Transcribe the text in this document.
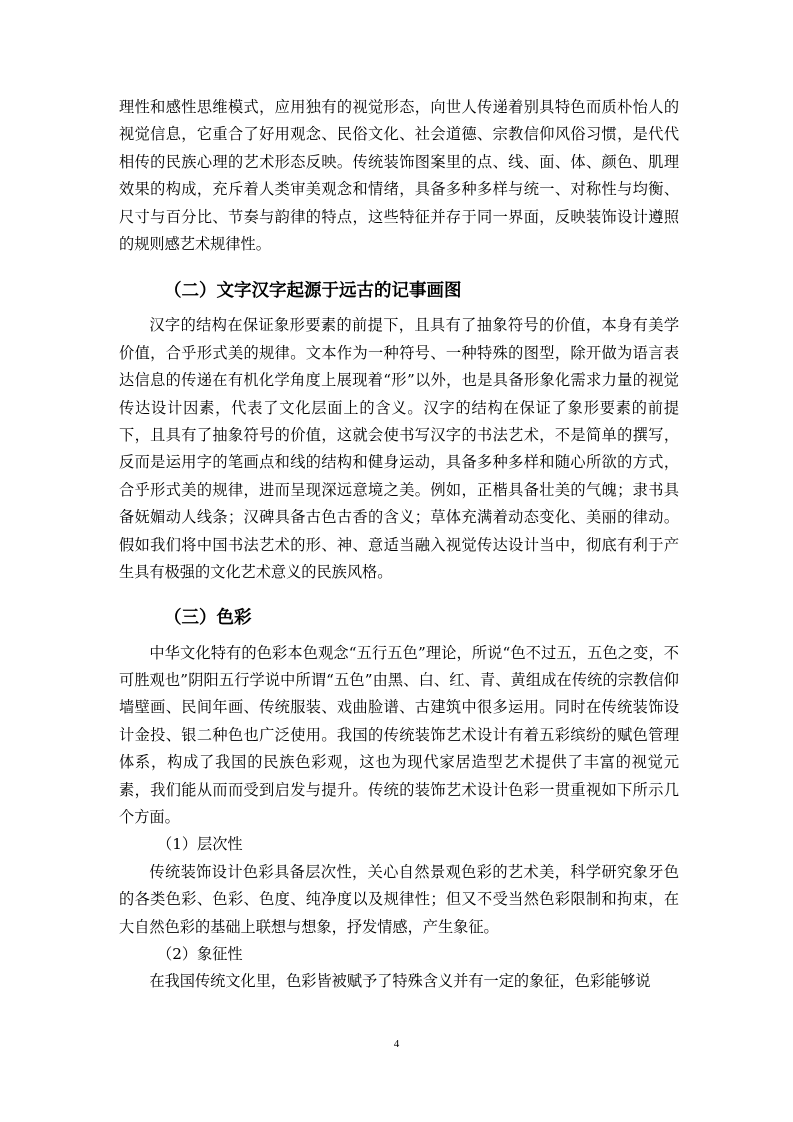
理性和感性思维模式，应用独有的视觉形态，向世人传递着别具特色而质朴怡人的视觉信息，它重合了好用观念、民俗文化、社会道德、宗教信仰风俗习惯，是代代相传的民族心理的艺术形态反映。传统装饰图案里的点、线、面、体、颜色、肌理效果的构成，充斥着人类审美观念和情绪，具备多种多样与统一、对称性与均衡、尺寸与百分比、节奏与韵律的特点，这些特征并存于同一界面，反映装饰设计遵照的规则感艺术规律性。

（二）文字汉字起源于远古的记事画图

汉字的结构在保证象形要素的前提下，且具有了抽象符号的价值，本身有美学价值，合乎形式美的规律。文本作为一种符号、一种特殊的图型，除开做为语言表达信息的传递在有机化学角度上展现着“形”以外，也是具备形象化需求力量的视觉传达设计因素，代表了文化层面上的含义。汉字的结构在保证了象形要素的前提下，且具有了抽象符号的价值，这就会使书写汉字的书法艺术，不是简单的撰写，反而是运用字的笔画点和线的结构和健身运动，具备多种多样和随心所欲的方式，合乎形式美的规律，进而呈现深远意境之美。例如，正楷具备壮美的气魄；隶书具备妩媚动人线条；汉碑具备古色古香的含义；草体充满着动态变化、美丽的律动。假如我们将中国书法艺术的形、神、意适当融入视觉传达设计当中，彻底有利于产生具有极强的文化艺术意义的民族风格。

（三）色彩

中华文化特有的色彩本色观念“五行五色”理论，所说“色不过五，五色之变，不可胜观也”阴阳五行学说中所谓“五色”由黑、白、红、青、黄组成在传统的宗教信仰墙壁画、民间年画、传统服装、戏曲脸谱、古建筑中很多运用。同时在传统装饰设计金投、银二种色也广泛使用。我国的传统装饰艺术设计有着五彩缤纷的赋色管理体系，构成了我国的民族色彩观，这也为现代家居造型艺术提供了丰富的视觉元素，我们能从而而受到启发与提升。传统的装饰艺术设计色彩一贯重视如下所示几个方面。

（1）层次性

传统装饰设计色彩具备层次性，关心自然景观色彩的艺术美，科学研究象牙色的各类色彩、色彩、色度、纯净度以及规律性；但又不受当然色彩限制和拘束，在大自然色彩的基础上联想与想象，抒发情感，产生象征。

（2）象征性

在我国传统文化里，色彩皆被赋予了特殊含义并有一定的象征，色彩能够说

4
